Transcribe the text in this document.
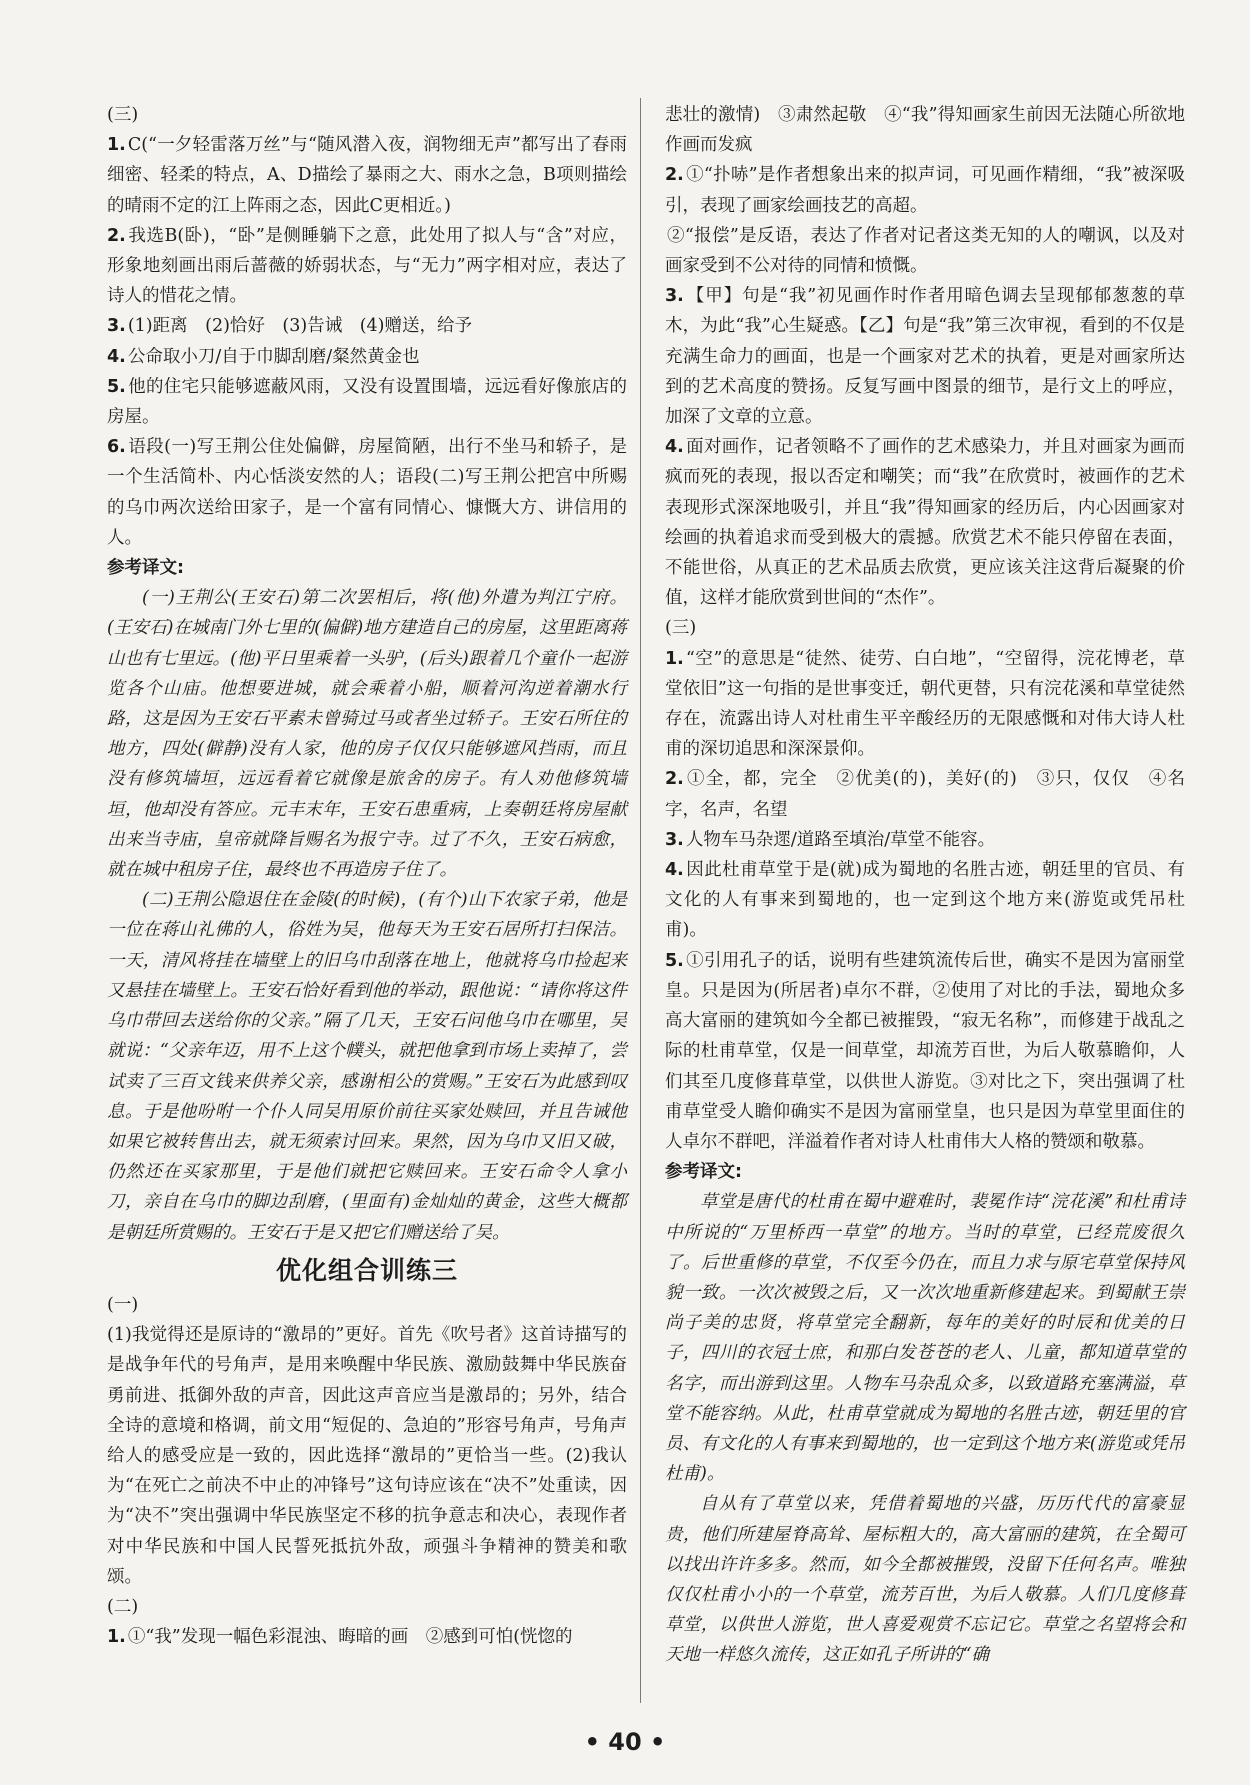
(三)

1. C(“一夕轻雷落万丝”与“随风潜入夜，润物细无声”都写出了春雨细密、轻柔的特点，A、D描绘了暴雨之大、雨水之急，B项则描绘的晴雨不定的江上阵雨之态，因此C更相近。)

2. 我选B(卧)，“卧”是侧睡躺下之意，此处用了拟人与“含”对应，形象地刻画出雨后蔷薇的娇弱状态，与“无力”两字相对应，表达了诗人的惜花之情。

3. (1)距离　(2)恰好　(3)告诫　(4)赠送，给予

4. 公命取小刀/自于巾脚刮磨/粲然黄金也

5. 他的住宅只能够遮蔽风雨，又没有设置围墙，远远看好像旅店的房屋。

6. 语段(一)写王荆公住处偏僻，房屋简陋，出行不坐马和轿子，是一个生活简朴、内心恬淡安然的人；语段(二)写王荆公把宫中所赐的乌巾两次送给田家子，是一个富有同情心、慷慨大方、讲信用的人。

参考译文:

(一)王荆公(王安石)第二次罢相后，将(他)外遣为判江宁府。(王安石)在城南门外七里的(偏僻)地方建造自己的房屋，这里距离蒋山也有七里远。(他)平日里乘着一头驴，(后头)跟着几个童仆一起游览各个山庙。他想要进城，就会乘着小船，顺着河沟逆着潮水行路，这是因为王安石平素未曾骑过马或者坐过轿子。王安石所住的地方，四处(僻静)没有人家，他的房子仅仅只能够遮风挡雨，而且没有修筑墙垣，远远看着它就像是旅舍的房子。有人劝他修筑墙垣，他却没有答应。元丰末年，王安石患重病，上奏朝廷将房屋献出来当寺庙，皇帝就降旨赐名为报宁寺。过了不久，王安石病愈，就在城中租房子住，最终也不再造房子住了。

(二)王荆公隐退住在金陵(的时候)，(有个)山下农家子弟，他是一位在蒋山礼佛的人，俗姓为吴，他每天为王安石居所打扫保洁。一天，清风将挂在墙壁上的旧乌巾刮落在地上，他就将乌巾捡起来又悬挂在墙壁上。王安石恰好看到他的举动，跟他说：“请你将这件乌巾带回去送给你的父亲。”隔了几天，王安石问他乌巾在哪里，吴就说：“父亲年迈，用不上这个幞头，就把他拿到市场上卖掉了，尝试卖了三百文钱来供养父亲，感谢相公的赏赐。”王安石为此感到叹息。于是他吩咐一个仆人同吴用原价前往买家处赎回，并且告诫他如果它被转售出去，就无须索讨回来。果然，因为乌巾又旧又破，仍然还在买家那里，于是他们就把它赎回来。王安石命令人拿小刀，亲自在乌巾的脚边刮磨，(里面有)金灿灿的黄金，这些大概都是朝廷所赏赐的。王安石于是又把它们赠送给了吴。

优化组合训练三

(一)

(1)我觉得还是原诗的“激昂的”更好。首先《吹号者》这首诗描写的是战争年代的号角声，是用来唤醒中华民族、激励鼓舞中华民族奋勇前进、抵御外敌的声音，因此这声音应当是激昂的；另外，结合全诗的意境和格调，前文用“短促的、急迫的”形容号角声，号角声给人的感受应是一致的，因此选择“激昂的”更恰当一些。(2)我认为“在死亡之前决不中止的冲锋号”这句诗应该在“决不”处重读，因为“决不”突出强调中华民族坚定不移的抗争意志和决心，表现作者对中华民族和中国人民誓死抵抗外敌，顽强斗争精神的赞美和歌颂。

(二)

1. ①“我”发现一幅色彩混浊、晦暗的画　②感到可怕(恍惚的

悲壮的激情)　③肃然起敬　④“我”得知画家生前因无法随心所欲地作画而发疯

2. ①“扑哧”是作者想象出来的拟声词，可见画作精细，“我”被深吸引，表现了画家绘画技艺的高超。

②“报偿”是反语，表达了作者对记者这类无知的人的嘲讽，以及对画家受到不公对待的同情和愤慨。

3. 【甲】句是“我”初见画作时作者用暗色调去呈现郁郁葱葱的草木，为此“我”心生疑惑。【乙】句是“我”第三次审视，看到的不仅是充满生命力的画面，也是一个画家对艺术的执着，更是对画家所达到的艺术高度的赞扬。反复写画中图景的细节，是行文上的呼应，加深了文章的立意。

4. 面对画作，记者领略不了画作的艺术感染力，并且对画家为画而疯而死的表现，报以否定和嘲笑；而“我”在欣赏时，被画作的艺术表现形式深深地吸引，并且“我”得知画家的经历后，内心因画家对绘画的执着追求而受到极大的震撼。欣赏艺术不能只停留在表面，不能世俗，从真正的艺术品质去欣赏，更应该关注这背后凝聚的价值，这样才能欣赏到世间的“杰作”。

(三)

1. “空”的意思是“徒然、徒劳、白白地”，“空留得，浣花博老，草堂依旧”这一句指的是世事变迁，朝代更替，只有浣花溪和草堂徒然存在，流露出诗人对杜甫生平辛酸经历的无限感慨和对伟大诗人杜甫的深切追思和深深景仰。

2. ①全，都，完全　②优美(的)，美好(的)　③只，仅仅　④名字，名声，名望

3. 人物车马杂遝/道路至填治/草堂不能容。

4. 因此杜甫草堂于是(就)成为蜀地的名胜古迹，朝廷里的官员、有文化的人有事来到蜀地的，也一定到这个地方来(游览或凭吊杜甫)。

5. ①引用孔子的话，说明有些建筑流传后世，确实不是因为富丽堂皇。只是因为(所居者)卓尔不群，②使用了对比的手法，蜀地众多高大富丽的建筑如今全都已被摧毁，“寂无名称”，而修建于战乱之际的杜甫草堂，仅是一间草堂，却流芳百世，为后人敬慕瞻仰，人们其至几度修葺草堂，以供世人游览。③对比之下，突出强调了杜甫草堂受人瞻仰确实不是因为富丽堂皇，也只是因为草堂里面住的人卓尔不群吧，洋溢着作者对诗人杜甫伟大人格的赞颂和敬慕。

参考译文:

草堂是唐代的杜甫在蜀中避难时，裴冕作诗“浣花溪”和杜甫诗中所说的“万里桥西一草堂”的地方。当时的草堂，已经荒废很久了。后世重修的草堂，不仅至今仍在，而且力求与原宅草堂保持风貌一致。一次次被毁之后，又一次次地重新修建起来。到蜀献王崇尚子美的忠贤，将草堂完全翻新，每年的美好的时辰和优美的日子，四川的衣冠士庶，和那白发苍苍的老人、儿童，都知道草堂的名字，而出游到这里。人物车马杂乱众多，以致道路充塞满溢，草堂不能容纳。从此，杜甫草堂就成为蜀地的名胜古迹，朝廷里的官员、有文化的人有事来到蜀地的，也一定到这个地方来(游览或凭吊杜甫)。

自从有了草堂以来，凭借着蜀地的兴盛，历历代代的富豪显贵，他们所建屋脊高耸、屋标粗大的，高大富丽的建筑，在全蜀可以找出许许多多。然而，如今全都被摧毁，没留下任何名声。唯独仅仅杜甫小小的一个草堂，流芳百世，为后人敬慕。人们几度修葺草堂，以供世人游览，世人喜爱观赏不忘记它。草堂之名望将会和天地一样悠久流传，这正如孔子所讲的“确

• 40 •
